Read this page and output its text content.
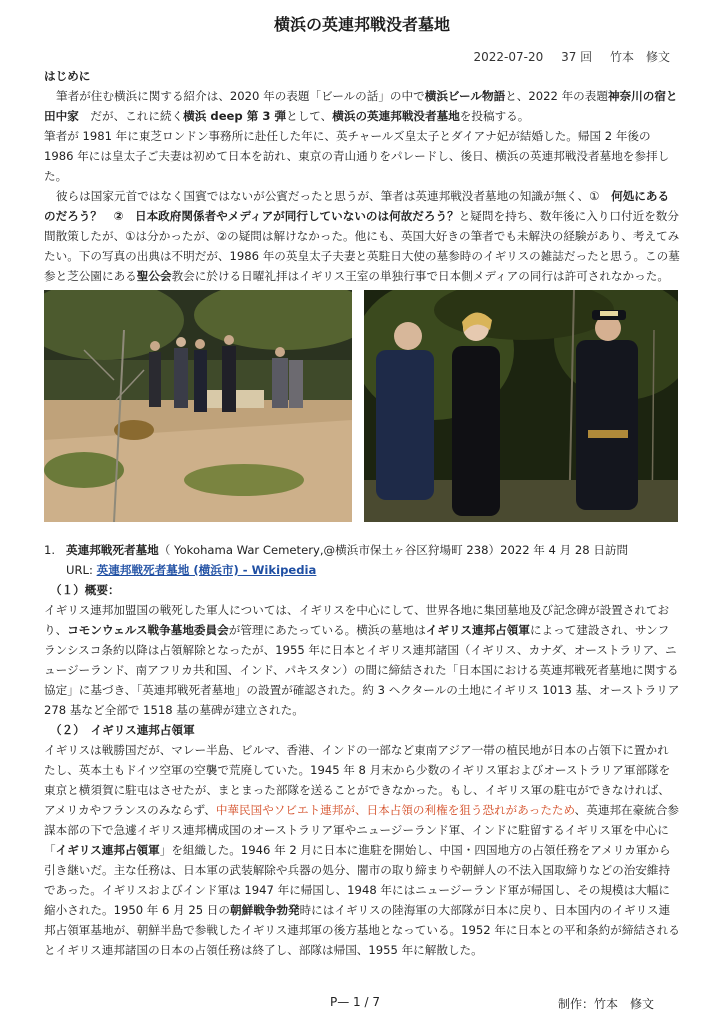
横浜の英連邦戦没者墓地
2022-07-20 37 回 竹本　修文

はじめに

筆者が住む横浜に関する紹介は、2020 年の表題「ビールの話」の中で横浜ビール物語と、2022 年の表題神奈川の宿と田中家　 だが、これに続く横浜 deep 第 3 弾として、横浜の英連邦戦没者墓地を投稿する。

筆者が 1981 年に東芝ロンドン事務所に赴任した年に、英チャールズ皇太子とダイアナ妃が結婚した。帰国 2 年後の 1986 年には皇太子ご夫妻は初めて日本を訪れ、東京の青山通りをパレードし、後日、横浜の英連邦戦没者墓地を参拝した。

彼らは国家元首ではなく国賓ではないが公賓だったと思うが、筆者は英連邦戦没者墓地の知識が無く、①　何処にあるのだろう？　②　日本政府関係者やメディアが同行していないのは何故だろう？と疑問を持ち、数年後に入り口付近を数分間散策したが、①は分かったが、②の疑問は解けなかった。他にも、英国大好きの筆者でも未解決の経験があり、考えてみたい。下の写真の出典は不明だが、1986 年の英皇太子夫妻と英駐日大使の墓参時のイギリスの雑誌だったと思う。この墓参と芝公園にある聖公会教会に於ける日曜礼拝はイギリス王室の単独行事で日本側メディアの同行は許可されなかった。

1. 英連邦戦死者墓地（ Yokohama War Cemetery,@横浜市保土ヶ谷区狩場町 238）2022 年 4 月 28 日訪問

URL: 英連邦戦死者墓地 (横浜市) - Wikipedia

（１）概要：

イギリス連邦加盟国の戦死した軍人については、イギリスを中心にして、世界各地に集団墓地及び記念碑が設置されており、コモンウェルス戦争墓地委員会が管理にあたっている。横浜の墓地はイギリス連邦占領軍によって建設され、サンフランシスコ条約以降は占領解除となったが、1955 年に日本とイギリス連邦諸国（イギリス、カナダ、オーストラリア、ニュージーランド、南アフリカ共和国、インド、パキスタン）の間に締結された「日本国における英連邦戦死者墓地に関する協定」に基づき、「英連邦戦死者墓地」の設置が確認された。約 3 ヘクタールの土地にイギリス 1013 基、オーストラリア 278 基など全部で 1518 基の墓碑が建立された。

（２）　イギリス連邦占領軍

イギリスは戦勝国だが、マレー半島、ビルマ、香港、インドの一部など東南アジア一帯の植民地が日本の占領下に置かれたし、英本土もドイツ空軍の空襲で荒廃していた。1945 年 8 月末から少数のイギリス軍およびオーストラリア軍部隊を東京と横須賀に駐屯はさせたが、まとまった部隊を送ることができなかった。もし、イギリス軍の駐屯ができなければ、アメリカやフランスのみならず、中華民国やソビエト連邦が、日本占領の利権を狙う恐れがあったため、英連邦在豪統合参謀本部の下で急遽イギリス連邦構成国のオーストラリア軍やニュージーランド軍、インドに駐留するイギリス軍を中心に「イギリス連邦占領軍」を組織した。1946 年 2 月に日本に進駐を開始し、中国・四国地方の占領任務をアメリカ軍から引き継いだ。主な任務は、日本軍の武装解除や兵器の処分、闇市の取り締まりや朝鮮人の不法入国取締りなどの治安維持であった。イギリスおよびインド軍は 1947 年に帰国し、1948 年にはニュージーランド軍が帰国し、その規模は大幅に縮小された。1950 年 6 月 25 日の朝鮮戦争勃発時にはイギリスの陸海軍の大部隊が日本に戻り、日本国内のイギリス連邦占領軍基地が、朝鮮半島で参戦したイギリス連邦軍の後方基地となっている。1952 年に日本との平和条約が締結されるとイギリス連邦諸国の日本の占領任務は終了し、部隊は帰国、1955 年に解散した。

P— 1 / 7	制作：竹本　修文
